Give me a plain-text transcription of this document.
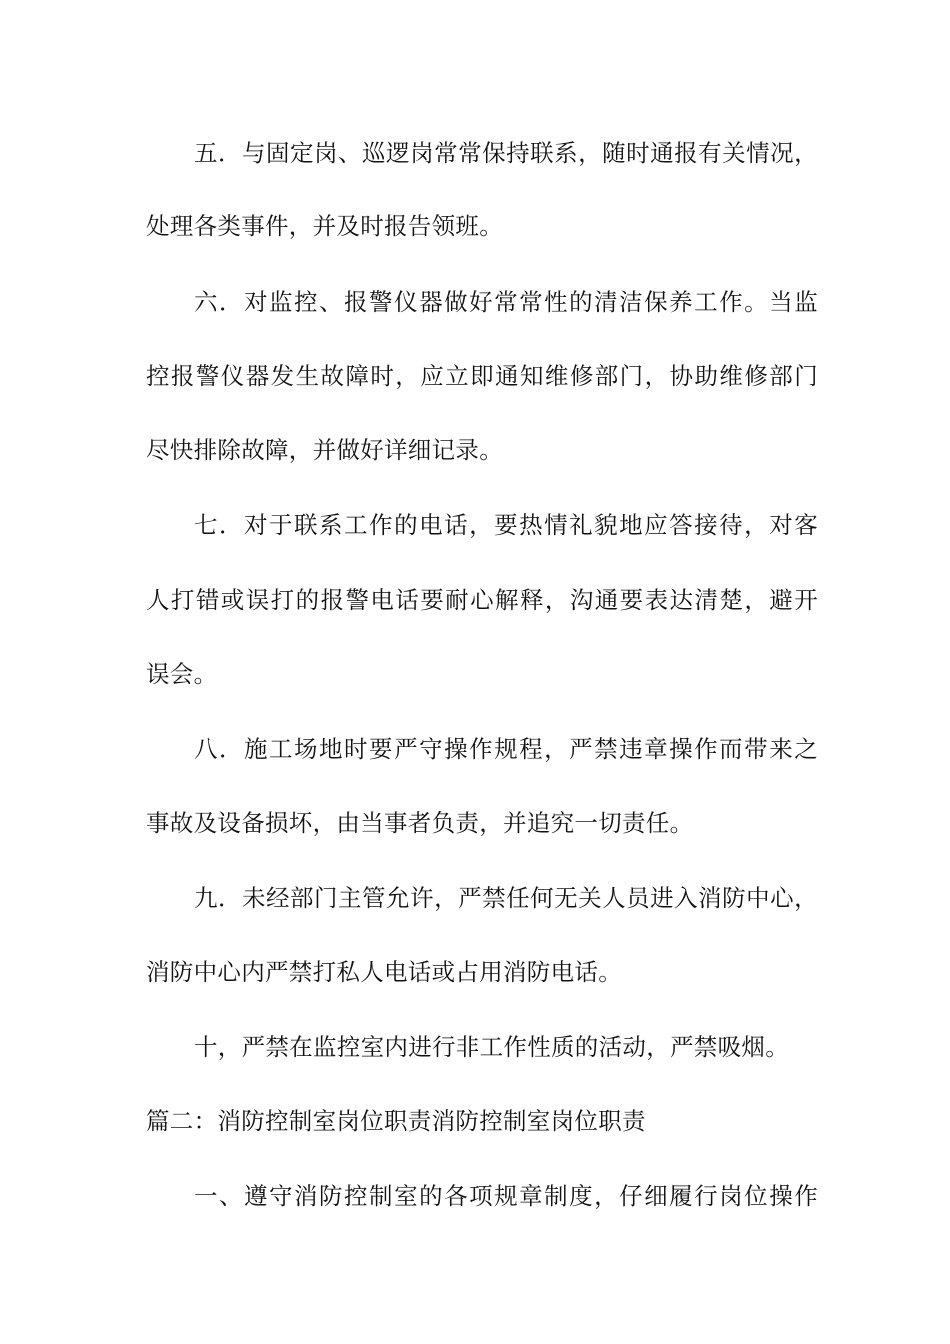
五．与固定岗、巡逻岗常常保持联系，随时通报有关情况，
处理各类事件，并及时报告领班。
六．对监控、报警仪器做好常常性的清洁保养工作。当监
控报警仪器发生故障时，应立即通知维修部门，协助维修部门
尽快排除故障，并做好详细记录。
七．对于联系工作的电话，要热情礼貌地应答接待，对客
人打错或误打的报警电话要耐心解释，沟通要表达清楚，避开
误会。
八．施工场地时要严守操作规程，严禁违章操作而带来之
事故及设备损坏，由当事者负责，并追究一切责任。
九．未经部门主管允许，严禁任何无关人员进入消防中心，
消防中心内严禁打私人电话或占用消防电话。
十，严禁在监控室内进行非工作性质的活动，严禁吸烟。
篇二：消防控制室岗位职责消防控制室岗位职责
一、遵守消防控制室的各项规章制度，仔细履行岗位操作
